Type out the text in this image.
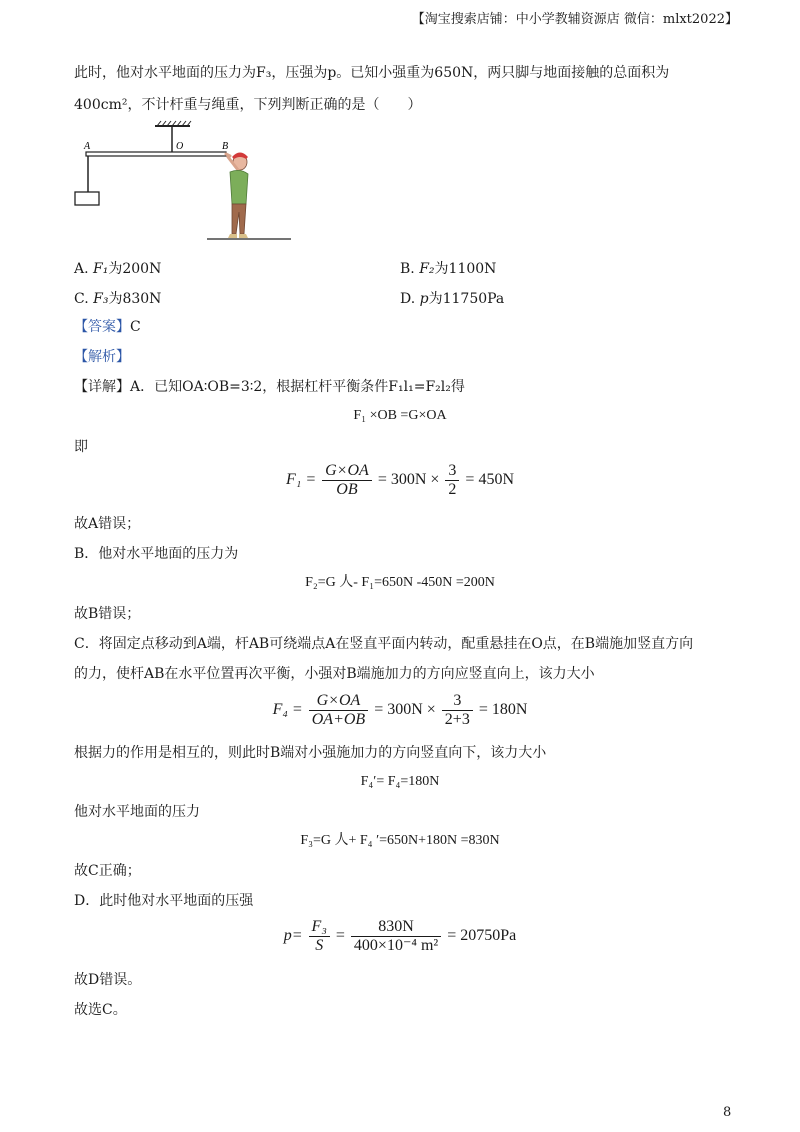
【淘宝搜索店铺：中小学教辅资源店 微信：mlxt2022】
此时，他对水平地面的压力为F₃，压强为p。已知小强重为650N，两只脚与地面接触的总面积为
400cm²，不计杆重与绳重，下列判断正确的是（　　）
A	O	B
A. F₁为200N	B. F₂为1100N
C. F₃为830N	D. p为11750Pa
【答案】C
【解析】
【详解】A．已知OA∶OB=3∶2，根据杠杆平衡条件F₁l₁=F₂l₂得
F₁ ×OB =G×OA
即
$F_1 = \frac{G\times OA}{OB} = 300N \times \frac{3}{2} = 450N$
故A错误；
B．他对水平地面的压力为
F₂=G 人- F₁=650N -450N =200N
故B错误；
C．将固定点移动到A端，杆AB可绕端点A在竖直平面内转动，配重悬挂在O点，在B端施加竖直方向
的力，使杆AB在水平位置再次平衡，小强对B端施加力的方向应竖直向上，该力大小
$F_4 = \frac{G\times OA}{OA+OB} = 300N \times \frac{3}{2+3} = 180N$
根据力的作用是相互的，则此时B端对小强施加力的方向竖直向下，该力大小
F₄′= F₄=180N
他对水平地面的压力
F₃=G 人+ F₄ ′=650N+180N =830N
故C正确；
D．此时他对水平地面的压强
$p= \frac{\text{F₃}}{S} = \frac{830N}{\text{400×10⁻⁴ m²}} = 20750Pa$
故D错误。
故选C。
8
